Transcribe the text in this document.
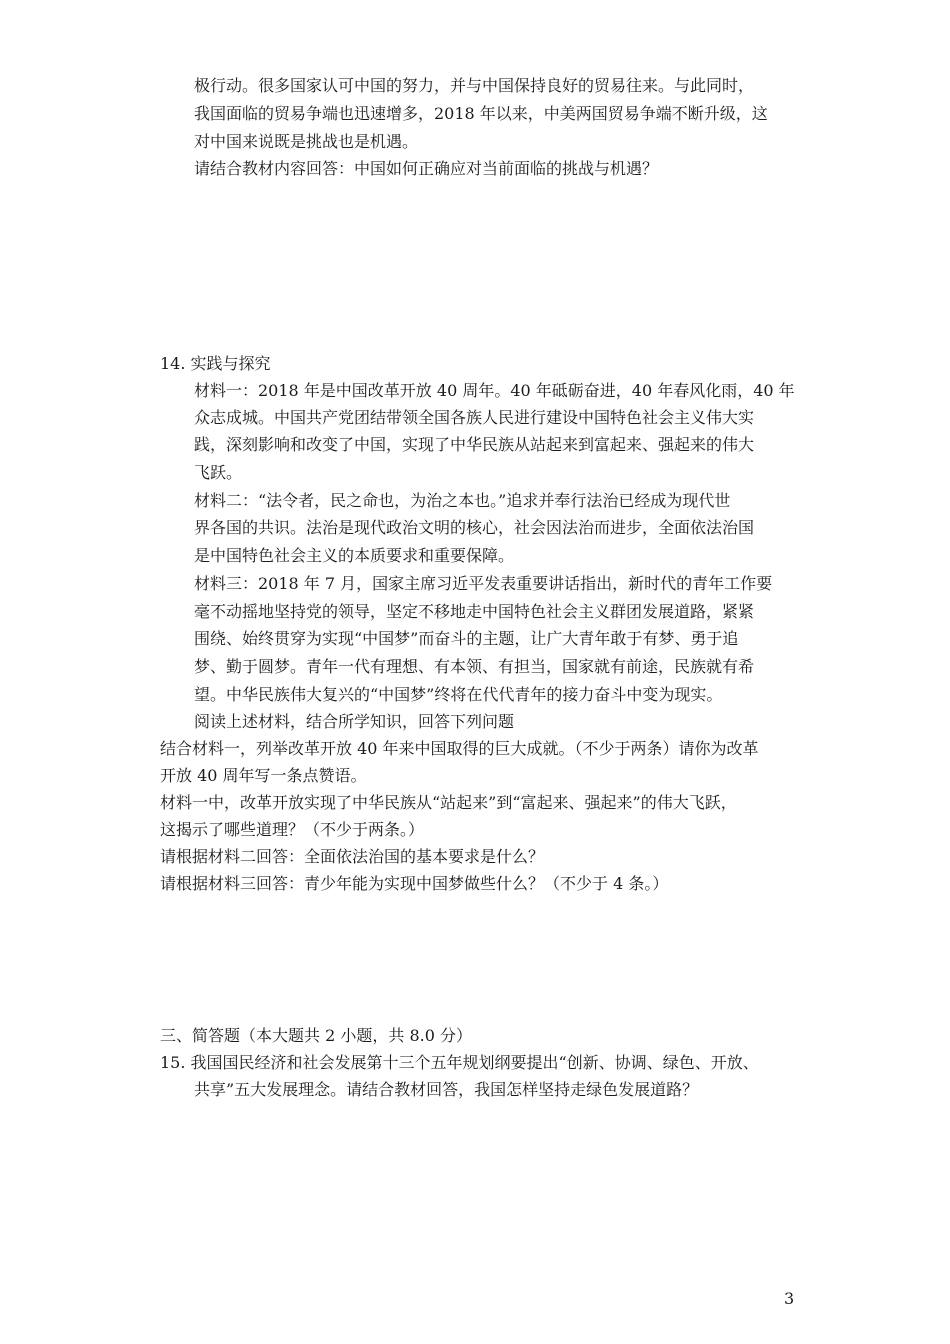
极行动。很多国家认可中国的努力，并与中国保持良好的贸易往来。与此同时，
我国面临的贸易争端也迅速增多，2018 年以来，中美两国贸易争端不断升级，这
对中国来说既是挑战也是机遇。
请结合教材内容回答：中国如何正确应对当前面临的挑战与机遇？
14. 实践与探究
材料一：2018 年是中国改革开放 40 周年。40 年砥砺奋进，40 年春风化雨，40 年
众志成城。中国共产党团结带领全国各族人民进行建设中国特色社会主义伟大实
践，深刻影响和改变了中国，实现了中华民族从站起来到富起来、强起来的伟大
飞跃。
材料二：“法令者，民之命也，为治之本也。”追求并奉行法治已经成为现代世
界各国的共识。法治是现代政治文明的核心，社会因法治而进步，全面依法治国
是中国特色社会主义的本质要求和重要保障。
材料三：2018 年 7 月，国家主席习近平发表重要讲话指出，新时代的青年工作要
毫不动摇地坚持党的领导，坚定不移地走中国特色社会主义群团发展道路，紧紧
围绕、始终贯穿为实现“中国梦”而奋斗的主题，让广大青年敢于有梦、勇于追
梦、勤于圆梦。青年一代有理想、有本领、有担当，国家就有前途，民族就有希
望。中华民族伟大复兴的“中国梦”终将在代代青年的接力奋斗中变为现实。
阅读上述材料，结合所学知识，回答下列问题
结合材料一，列举改革开放 40 年来中国取得的巨大成就。（不少于两条）请你为改革
开放 40 周年写一条点赞语。
材料一中，改革开放实现了中华民族从“站起来”到“富起来、强起来”的伟大飞跃，
这揭示了哪些道理？（不少于两条。）
请根据材料二回答：全面依法治国的基本要求是什么？
请根据材料三回答：青少年能为实现中国梦做些什么？（不少于 4 条。）
三、简答题（本大题共 2 小题，共 8.0 分）
15. 我国国民经济和社会发展第十三个五年规划纲要提出“创新、协调、绿色、开放、
共享”五大发展理念。请结合教材回答，我国怎样坚持走绿色发展道路？
3
